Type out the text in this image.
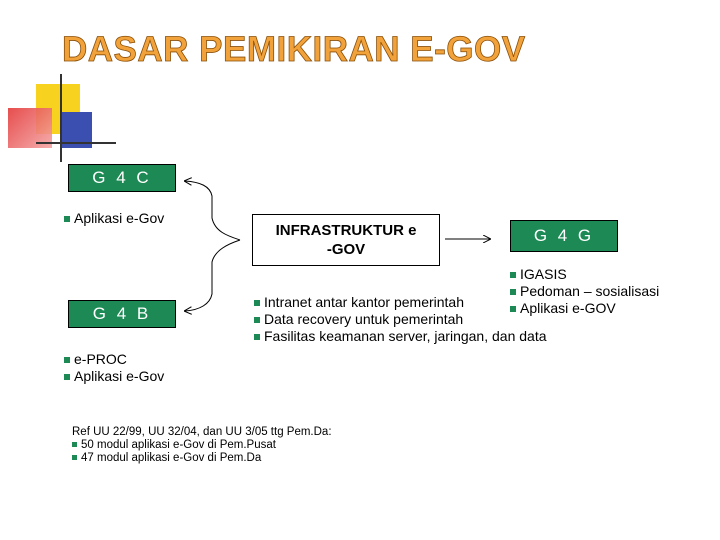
DASAR PEMIKIRAN E-GOV
G 4 C
Aplikasi e-Gov
G 4 B
e-PROC
Aplikasi e-Gov
INFRASTRUKTUR e
-GOV
G 4 G
IGASIS
Pedoman – sosialisasi
Aplikasi e-GOV
Intranet antar kantor pemerintah
Data recovery untuk pemerintah
Fasilitas keamanan server, jaringan, dan data
Ref UU 22/99, UU 32/04, dan UU 3/05 ttg Pem.Da:
50 modul aplikasi e-Gov di Pem.Pusat
47 modul aplikasi e-Gov di Pem.Da
